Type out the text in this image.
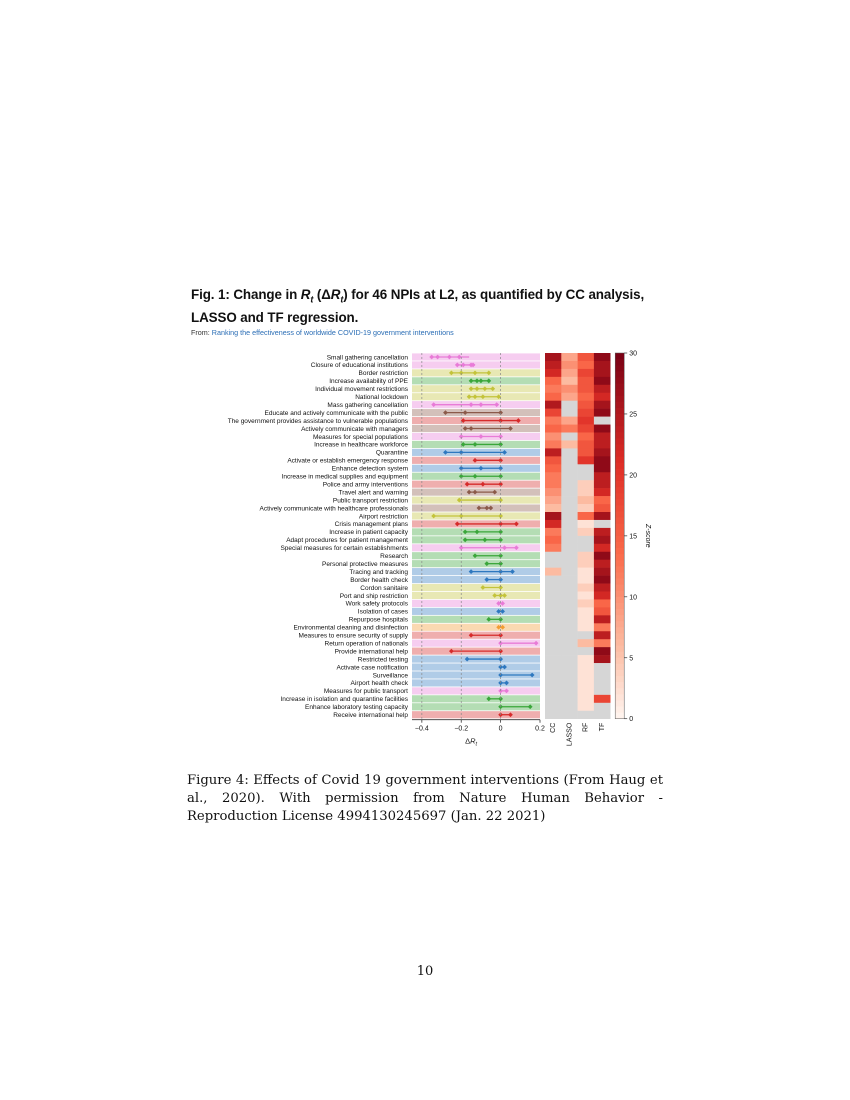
Fig. 1: Change in $R_t$ $(\Delta R_t)$ for 46 NPIs at L2, as quantified by CC analysis, LASSO and TF regression.
From: Ranking the effectiveness of worldwide COVID-19 government interventions
Small gathering cancellation
Closure of educational institutions
Border restriction
Increase availability of PPE
Individual movement restrictions
National lockdown
Mass gathering cancellation
Educate and actively communicate with the public
The government provides assistance to vulnerable populations
Actively communicate with managers
Measures for special populations
Increase in healthcare workforce
Quarantine
Activate or establish emergency response
Enhance detection system
Increase in medical supplies and equipment
Police and army interventions
Travel alert and warning
Public transport restriction
Actively communicate with healthcare professionals
Airport restriction
Crisis management plans
Increase in patient capacity
Adapt procedures for patient management
Special measures for certain establishments
Research
Personal protective measures
Tracing and tracking
Border health check
Cordon sanitaire
Port and ship restriction
Work safety protocols
Isolation of cases
Repurpose hospitals
Environmental cleaning and disinfection
Measures to ensure security of supply
Return operation of nationals
Provide international help
Restricted testing
Activate case notification
Surveillance
Airport health check
Measures for public transport
Increase in isolation and quarantine facilities
Enhance laboratory testing capacity
Receive international help
−0.4	−0.2	0	0.2
$\Delta R_t$
CC LASSO RF TF
0
5
10
15
20
25
30
Z-score
Figure 4: Effects of Covid 19 government interventions (From Haug et al., 2020). With permission from Nature Human Behavior - Reproduction License 4994130245697 (Jan. 22 2021)
10
